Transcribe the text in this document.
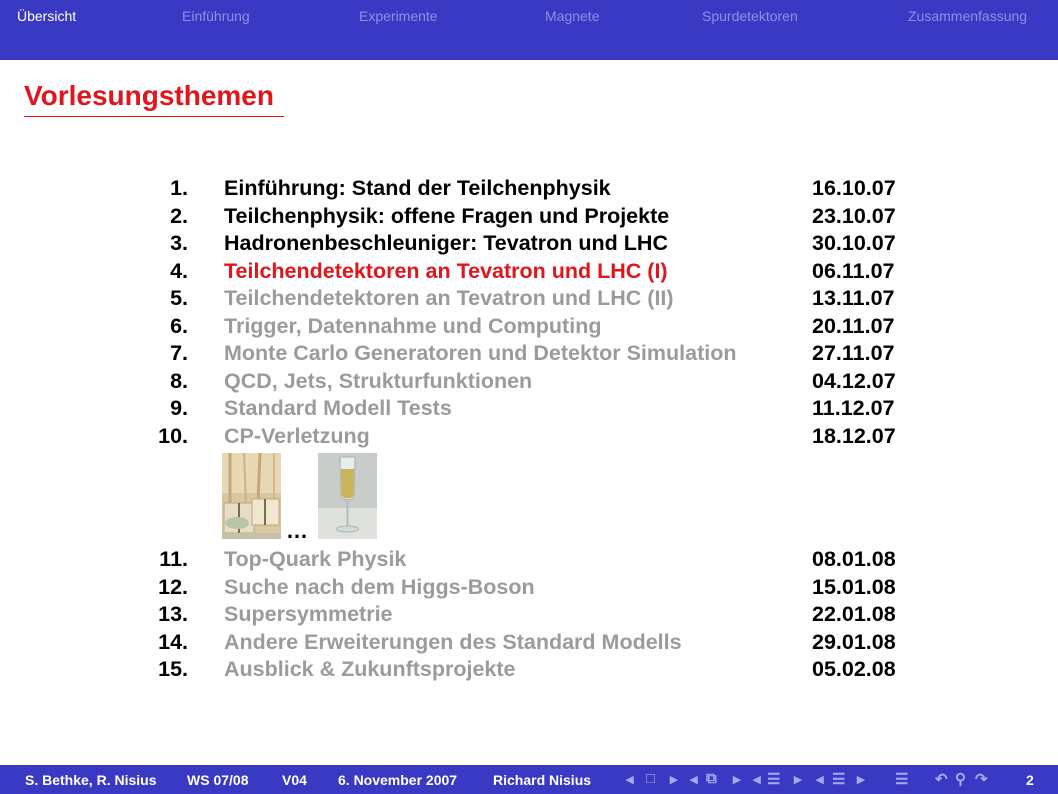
Übersicht	Einführung	Experimente	Magnete	Spurdetektoren	Zusammenfassung
Vorlesungsthemen
1. Einführung: Stand der Teilchenphysik	16.10.07
2. Teilchenphysik: offene Fragen und Projekte	23.10.07
3. Hadronenbeschleuniger: Tevatron und LHC	30.10.07
4. Teilchendetektoren an Tevatron und LHC (I)	06.11.07
5. Teilchendetektoren an Tevatron und LHC (II)	13.11.07
6. Trigger, Datennahme und Computing	20.11.07
7. Monte Carlo Generatoren und Detektor Simulation	27.11.07
8. QCD, Jets, Strukturfunktionen	04.12.07
9. Standard Modell Tests	11.12.07
10. CP-Verletzung	18.12.07
…
11. Top-Quark Physik	08.01.08
12. Suche nach dem Higgs-Boson	15.01.08
13. Supersymmetrie	22.01.08
14. Andere Erweiterungen des Standard Modells	29.01.08
15. Ausblick & Zukunftsprojekte	05.02.08
S. Bethke, R. Nisius WS 07/08 V04 6. November 2007	Richard Nisius ◂ □ ▸ ◂ ⧉ ▸ ◂ ☰ ▸ ◂ ☰ ▸ ☰ ↶ ⚲ ↷	2
